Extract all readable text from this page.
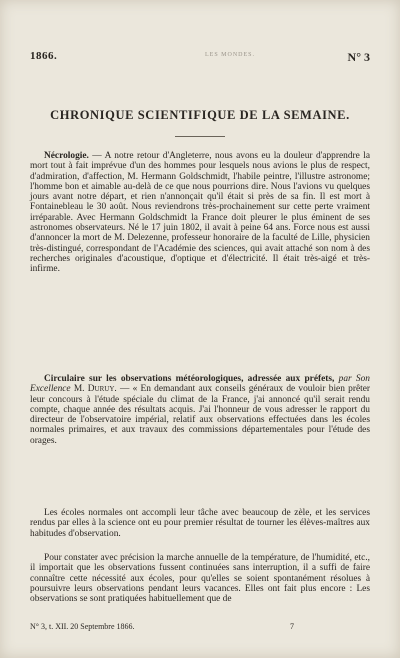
1866.	LES MONDES.	N° 3
CHRONIQUE SCIENTIFIQUE DE LA SEMAINE.

Nécrologie. — A notre retour d'Angleterre, nous avons eu la douleur d'apprendre la mort tout à fait imprévue d'un des hommes pour lesquels nous avions le plus de respect, d'admiration, d'affection, M. Hermann Goldschmidt, l'habile peintre, l'illustre astronome; l'homme bon et aimable au-delà de ce que nous pourrions dire. Nous l'avions vu quelques jours avant notre départ, et rien n'annonçait qu'il était si près de sa fin. Il est mort à Fontainebleau le 30 août. Nous reviendrons très-prochainement sur cette perte vraiment irréparable. Avec Hermann Goldschmidt la France doit pleurer le plus éminent de ses astronomes observateurs. Né le 17 juin 1802, il avait à peine 64 ans. Force nous est aussi d'annoncer la mort de M. Delezenne, professeur honoraire de la faculté de Lille, physicien très-distingué, correspondant de l'Académie des sciences, qui avait attaché son nom à des recherches originales d'acoustique, d'optique et d'électricité. Il était très-aigé et très-infirme.

Circulaire sur les observations météorologiques, adressée aux préfets, par Son Excellence M. Duruy. — « En demandant aux conseils généraux de vouloir bien prêter leur concours à l'étude spéciale du climat de la France, j'ai annoncé qu'il serait rendu compte, chaque année des résultats acquis. J'ai l'honneur de vous adresser le rapport du directeur de l'observatoire impérial, relatif aux observations effectuées dans les écoles normales primaires, et aux travaux des commissions départementales pour l'étude des orages.

Les écoles normales ont accompli leur tâche avec beaucoup de zèle, et les services rendus par elles à la science ont eu pour premier résultat de tourner les élèves-maîtres aux habitudes d'observation.

Pour constater avec précision la marche annuelle de la température, de l'humidité, etc., il importait que les observations fussent continuées sans interruption, il a suffi de faire connaître cette nécessité aux écoles, pour qu'elles se soient spontanément résolues à poursuivre leurs observations pendant leurs vacances. Elles ont fait plus encore : Les observations se sont pratiquées habituellement que de

N° 3, t. XII. 20 Septembre 1866.	7
